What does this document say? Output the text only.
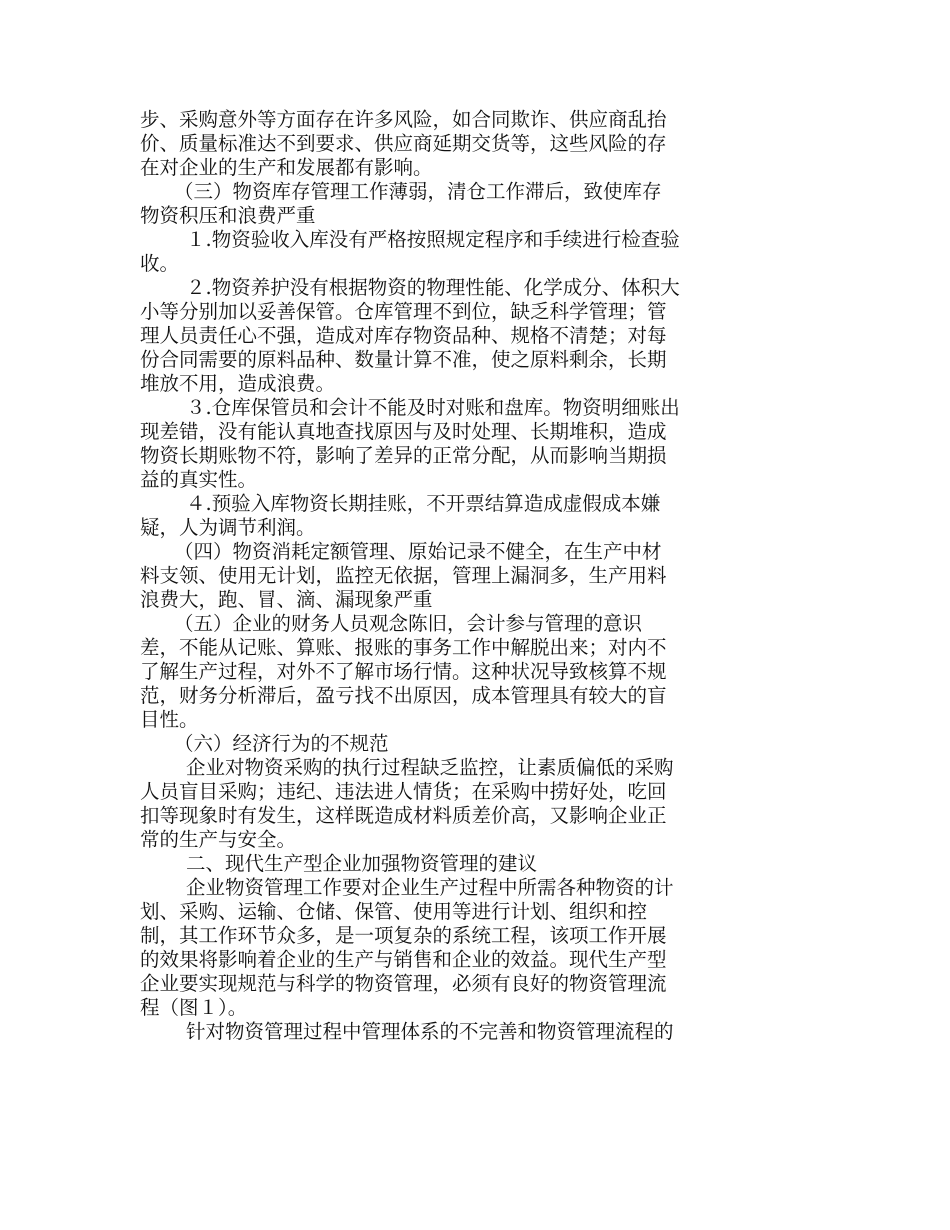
步、采购意外等方面存在许多风险，如合同欺诈、供应商乱抬
价、质量标准达不到要求、供应商延期交货等，这些风险的存
在对企业的生产和发展都有影响。
（三）物资库存管理工作薄弱，清仓工作滞后，致使库存
物资积压和浪费严重
１.物资验收入库没有严格按照规定程序和手续进行检查验
收。
２.物资养护没有根据物资的物理性能、化学成分、体积大
小等分别加以妥善保管。仓库管理不到位，缺乏科学管理；管
理人员责任心不强，造成对库存物资品种、规格不清楚；对每
份合同需要的原料品种、数量计算不准，使之原料剩余，长期
堆放不用，造成浪费。
３.仓库保管员和会计不能及时对账和盘库。物资明细账出
现差错，没有能认真地查找原因与及时处理、长期堆积，造成
物资长期账物不符，影响了差异的正常分配，从而影响当期损
益的真实性。
４.预验入库物资长期挂账，不开票结算造成虚假成本嫌
疑，人为调节利润。
（四）物资消耗定额管理、原始记录不健全，在生产中材
料支领、使用无计划，监控无依据，管理上漏洞多，生产用料
浪费大，跑、冒、滴、漏现象严重
（五）企业的财务人员观念陈旧，会计参与管理的意识
差，不能从记账、算账、报账的事务工作中解脱出来；对内不
了解生产过程，对外不了解市场行情。这种状况导致核算不规
范，财务分析滞后，盈亏找不出原因，成本管理具有较大的盲
目性。
（六）经济行为的不规范
企业对物资采购的执行过程缺乏监控，让素质偏低的采购
人员盲目采购；违纪、违法进人情货；在采购中捞好处，吃回
扣等现象时有发生，这样既造成材料质差价高，又影响企业正
常的生产与安全。
二、现代生产型企业加强物资管理的建议
企业物资管理工作要对企业生产过程中所需各种物资的计
划、采购、运输、仓储、保管、使用等进行计划、组织和控
制，其工作环节众多，是一项复杂的系统工程，该项工作开展
的效果将影响着企业的生产与销售和企业的效益。现代生产型
企业要实现规范与科学的物资管理，必须有良好的物资管理流
程（图１）。
针对物资管理过程中管理体系的不完善和物资管理流程的
